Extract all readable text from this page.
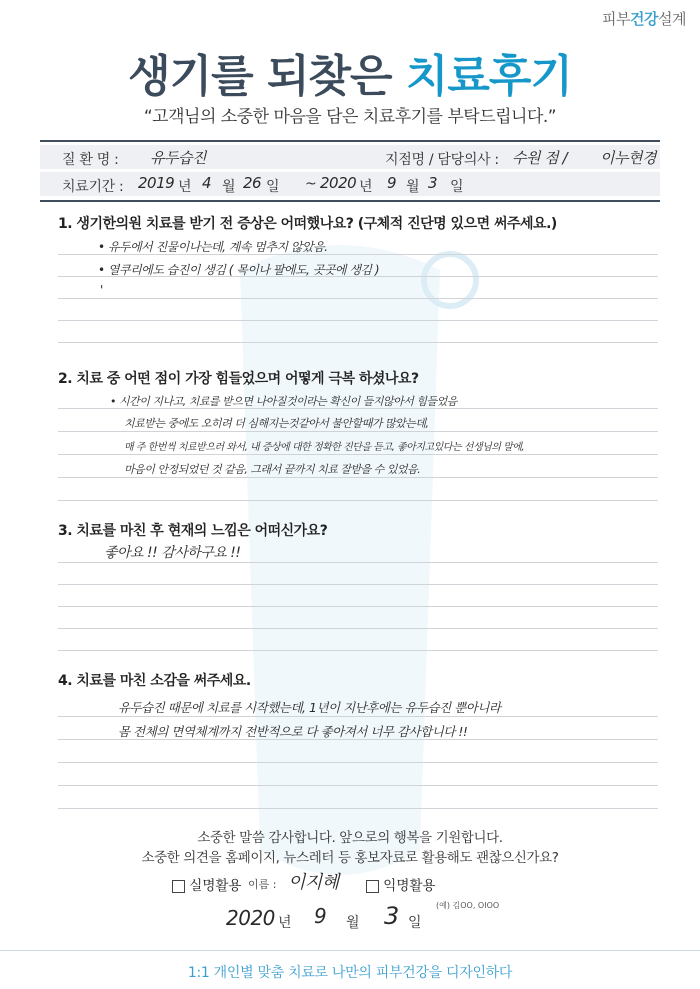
피부건강설계
생기를 되찾은 치료후기
“고객님의 소중한 마음을 담은 치료후기를 부탁드립니다.”
질 환 명 : 유두습진	지점명 / 담당의사 : 수원 점 / 이누현경
치료기간 : 2019 년 4 월 26 일 ~ 2020 년 9 월 3 일
1. 생기한의원 치료를 받기 전 증상은 어떠했나요? (구체적 진단명 있으면 써주세요.)
• 유두에서 진물이나는데, 계속 멈추지 않았음.
• 열쿠리에도 습진이 생김 ( 목이나 팔에도, 곳곳에 생김 )
'
2. 치료 중 어떤 점이 가장 힘들었으며 어떻게 극복 하셨나요?
• 시간이 지나고, 치료를 받으면 나아질것이라는 확신이 들지않아서 힘들었음
치료받는 중에도 오히려 더 심해지는것같아서 불안할때가 많았는데,
매 주 한번씩 치료받으러 와서, 내 증상에 대한 정확한 진단을 듣고, 좋아지고있다는 선생님의 말에,
마음이 안정되었던 것 같음, 그래서 끝까지 치료 잘받을 수 있었음.
3. 치료를 마친 후 현재의 느낌은 어떠신가요?
좋아요 !! 감사하구요 !!
4. 치료를 마친 소감을 써주세요.
유두습진 때문에 치료를 시작했는데, 1년이 지난후에는 유두습진 뿐아니라
몸 전체의 면역체계까지 전반적으로 다 좋아져서 너무 감사합니다 !!
소중한 말씀 감사합니다. 앞으로의 행복을 기원합니다.
소중한 의견을 홈페이지, 뉴스레터 등 홍보자료로 활용해도 괜찮으신가요?
실명활용 이름 : 이지혜	익명활용
(예) 김OO, OIOO
2020 년 9 월 3 일
1:1 개인별 맞춤 치료로 나만의 피부건강을 디자인하다
